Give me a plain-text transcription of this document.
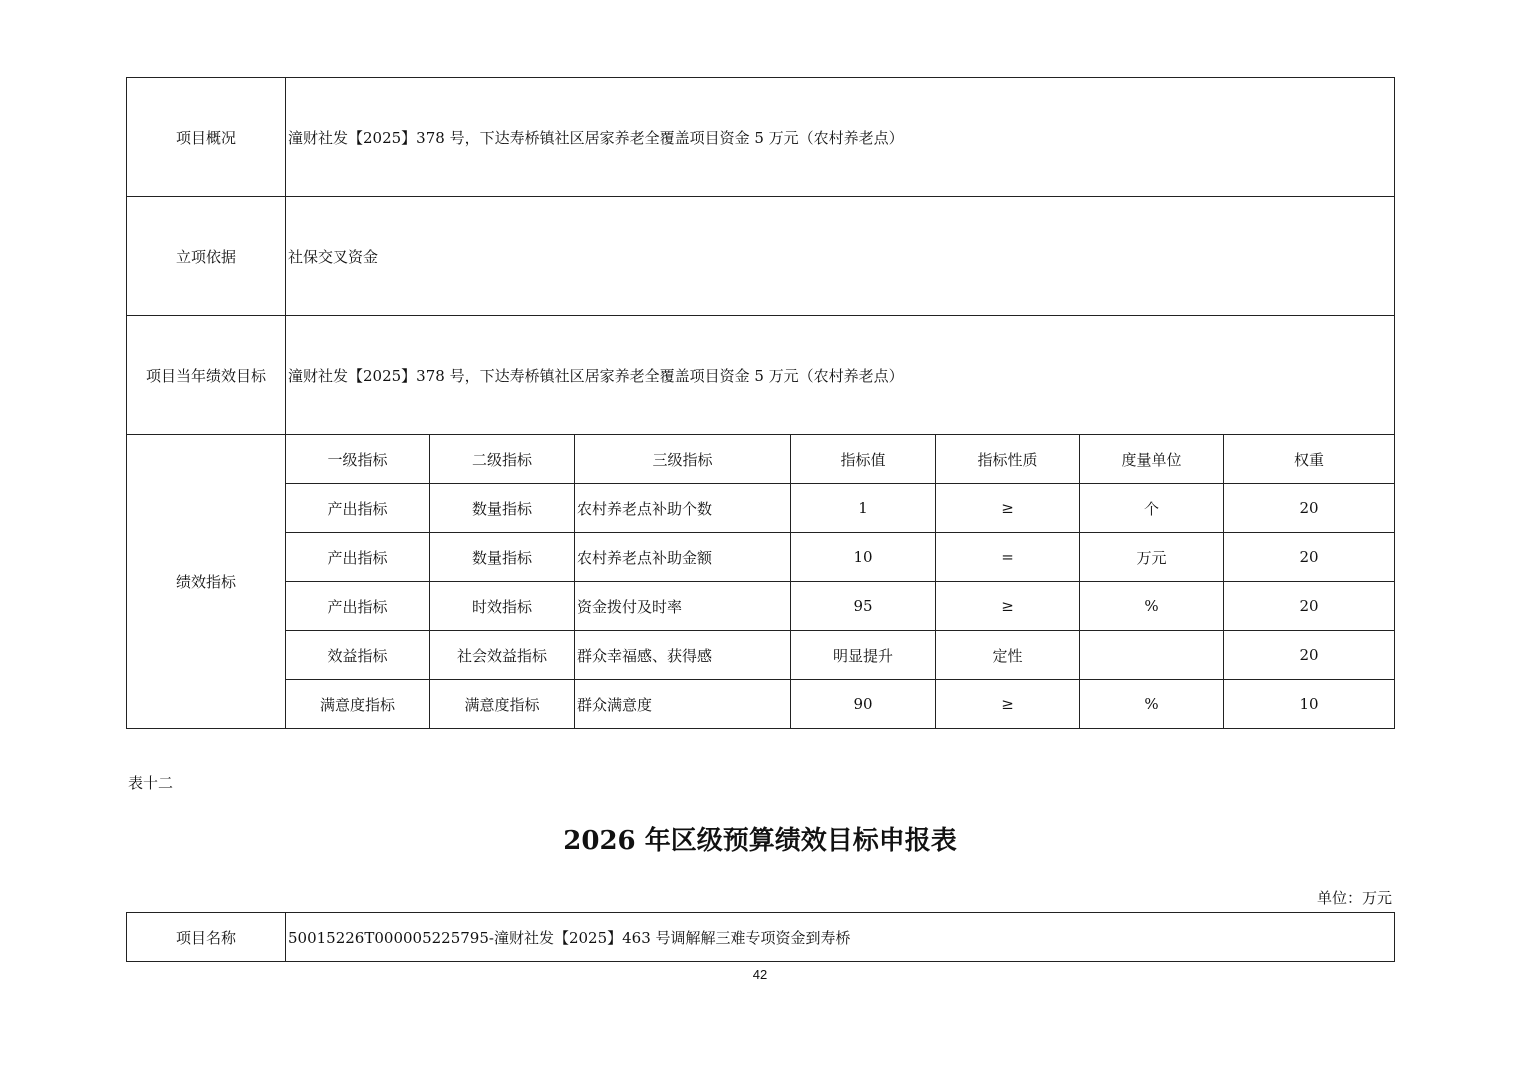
项目概况	潼财社发【2025】378 号，下达寿桥镇社区居家养老全覆盖项目资金 5 万元（农村养老点）						
立项依据	社保交叉资金						
项目当年绩效目标	潼财社发【2025】378 号，下达寿桥镇社区居家养老全覆盖项目资金 5 万元（农村养老点）						
绩效指标	一级指标	二级指标	三级指标	指标值	指标性质	度量单位	权重
	产出指标	数量指标	农村养老点补助个数	1	≥	个	20
	产出指标	数量指标	农村养老点补助金额	10	=	万元	20
	产出指标	时效指标	资金拨付及时率	95	≥	%	20
	效益指标	社会效益指标	群众幸福感、获得感	明显提升	定性		20
	满意度指标	满意度指标	群众满意度	90	≥	%	10
表十二
2026 年区级预算绩效目标申报表
单位：万元
项目名称	50015226T000005225795-潼财社发【2025】463 号调解解三难专项资金到寿桥
42
